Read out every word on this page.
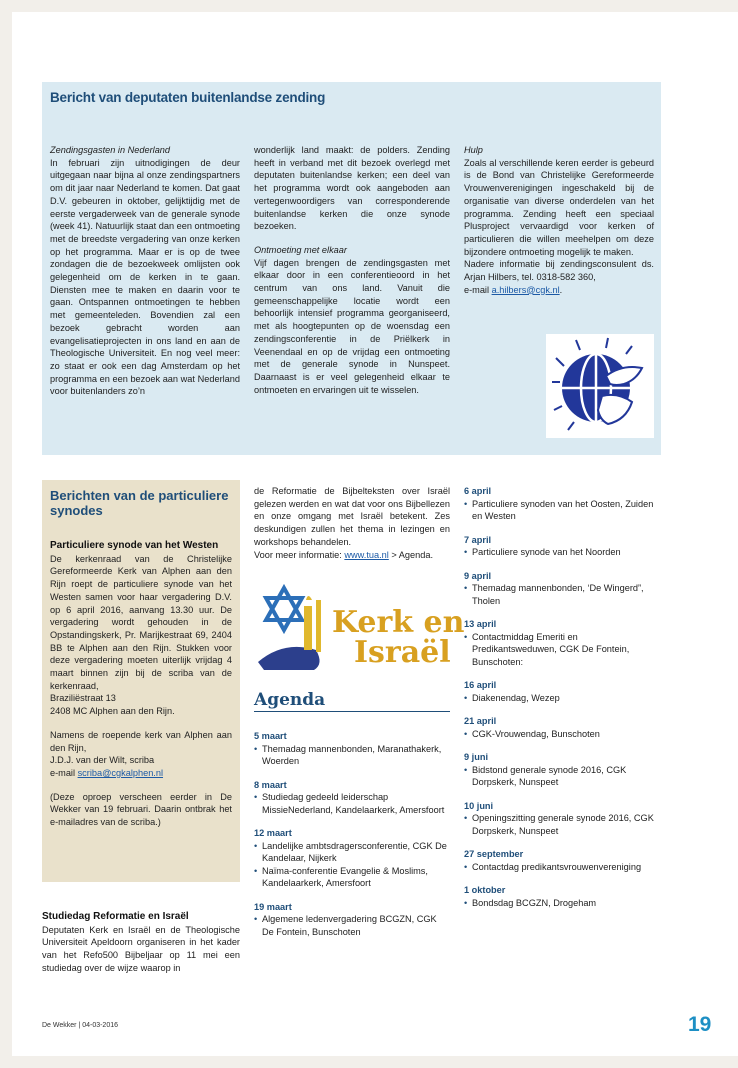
Bericht van deputaten buitenlandse zending

Zendingsgasten in Nederland

In februari zijn uitnodigingen de deur uitgegaan naar bijna al onze zendingspartners om dit jaar naar Nederland te komen. Dat gaat D.V. gebeuren in oktober, gelijktijdig met de eerste vergaderweek van de generale synode (week 41). Natuurlijk staat dan een ontmoeting met de breedste vergadering van onze kerken op het programma. Maar er is op de twee zondagen die de bezoekweek omlijsten ook gelegenheid om de kerken in te gaan. Diensten mee te maken en daarin voor te gaan. Ontspannen ontmoetingen te hebben met gemeenteleden. Bovendien zal een bezoek gebracht worden aan evangelisatieprojecten in ons land en aan de Theologische Universiteit. En nog veel meer: zo staat er ook een dag Amsterdam op het programma en een bezoek aan wat Nederland voor buitenlanders zo’n

wonderlijk land maakt: de polders. Zending heeft in verband met dit bezoek overlegd met deputaten buitenlandse kerken; een deel van het programma wordt ook aangeboden aan vertegenwoordigers van corresponderende buitenlandse kerken die onze synode bezoeken.

Ontmoeting met elkaar

Vijf dagen brengen de zendingsgasten met elkaar door in een conferentieoord in het centrum van ons land. Vanuit die gemeenschappelijke locatie wordt een behoorlijk intensief programma georganiseerd, met als hoogtepunten op de woensdag een zendingsconferentie in de Priëlkerk in Veenendaal en op de vrijdag een ontmoeting met de generale synode in Nunspeet. Daarnaast is er veel gelegenheid elkaar te ontmoeten en ervaringen uit te wisselen.

Hulp

Zoals al verschillende keren eerder is gebeurd is de Bond van Christelijke Gereformeerde Vrouwenverenigingen ingeschakeld bij de organisatie van diverse onderdelen van het programma. Zending heeft een speciaal Plusproject vervaardigd voor kerken of particulieren die willen meehelpen om deze bijzondere ontmoeting mogelijk te maken.

Nadere informatie bij zendingsconsulent ds. Arjan Hilbers, tel. 0318-582 360,

e-mail a.hilbers@cgk.nl.

Berichten van de particuliere synodes

Particuliere synode van het Westen

De kerkenraad van de Christelijke Gereformeerde Kerk van Alphen aan den Rijn roept de particuliere synode van het Westen samen voor haar vergadering D.V. op 6 april 2016, aanvang 13.30 uur. De vergadering wordt gehouden in de Opstandingskerk, Pr. Marijkestraat 69, 2404 BB te Alphen aan den Rijn. Stukken voor deze vergadering moeten uiterlijk vrijdag 4 maart binnen zijn bij de scriba van de kerkenraad,

Braziliëstraat 13

2408 MC Alphen aan den Rijn.

Namens de roepende kerk van Alphen aan den Rijn,

J.D.J. van der Wilt, scriba

e-mail scriba@cgkalphen.nl

(Deze oproep verscheen eerder in De Wekker van 19 februari. Daarin ontbrak het e-mailadres van de scriba.)

Studiedag Reformatie en Israël

Deputaten Kerk en Israël en de Theologische Universiteit Apeldoorn organiseren in het kader van het Refo500 Bijbeljaar op 11 mei een studiedag over de wijze waarop in

de Reformatie de Bijbelteksten over Israël gelezen werden en wat dat voor ons Bijbellezen en onze omgang met Israël betekent. Zes deskundigen zullen het thema in lezingen en workshops behandelen.

Voor meer informatie: www.tua.nl > Agenda.

Kerk en
Israël
Agenda
5 maart
• Themadag mannenbonden, Maranathakerk, Woerden
8 maart
• Studiedag gedeeld leiderschap MissieNederland, Kandelaarkerk, Amersfoort
12 maart
• Landelijke ambtsdragersconferentie, CGK De Kandelaar, Nijkerk
• Naïma-conferentie Evangelie & Moslims, Kandelaarkerk, Amersfoort
19 maart
• Algemene ledenvergadering BCGZN, CGK De Fontein, Bunschoten
6 april
• Particuliere synoden van het Oosten, Zuiden en Westen
7 april
• Particuliere synode van het Noorden
9 april
• Themadag mannenbonden, ‘De Wingerd”, Tholen
13 april
• Contactmiddag Emeriti en Predikantsweduwen, CGK De Fontein, Bunschoten:
16 april
• Diakenendag, Wezep
21 april
• CGK-Vrouwendag, Bunschoten
9 juni
• Bidstond generale synode 2016, CGK Dorpskerk, Nunspeet
10 juni
• Openingszitting generale synode 2016, CGK Dorpskerk, Nunspeet
27 september
• Contactdag predikantsvrouwenvereniging
1 oktober
• Bondsdag BCGZN, Drogeham
De Wekker | 04-03-2016	19
